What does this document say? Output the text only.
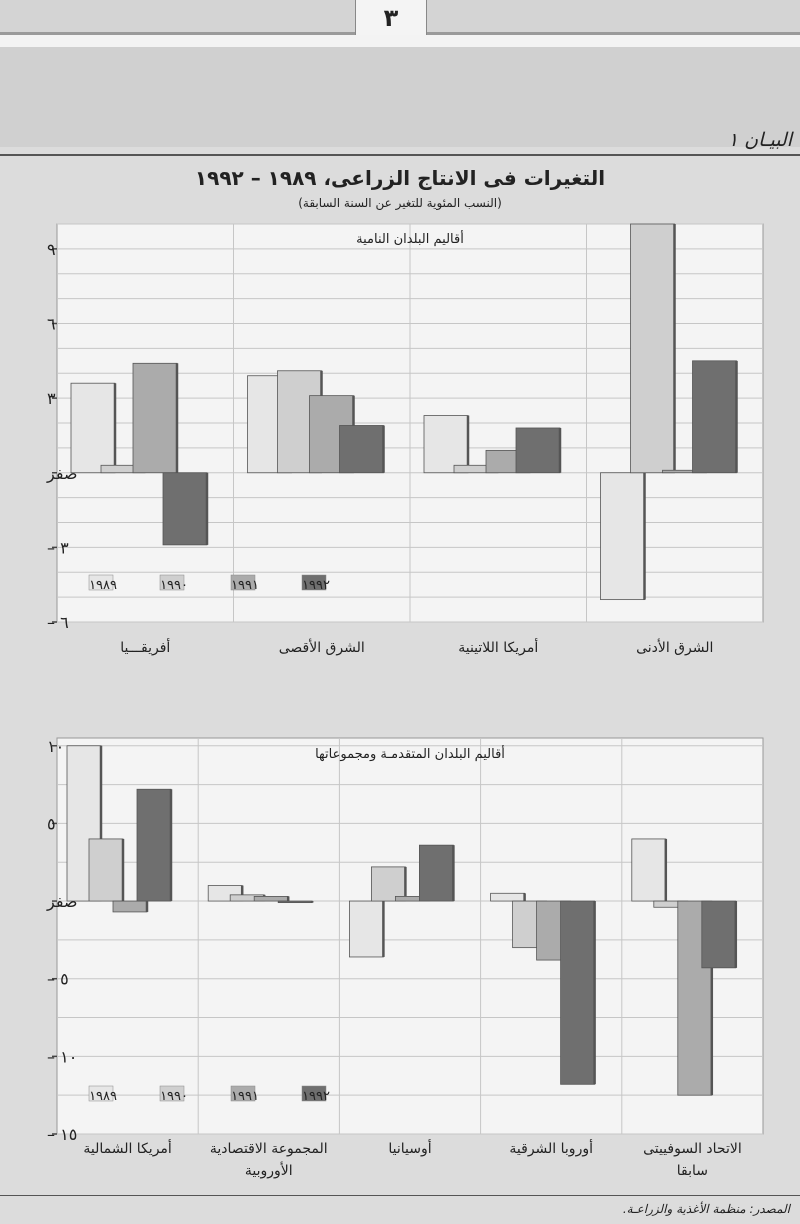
٣
البيـان ١
التغيرات فى الانتاج الزراعى، ١٩٨٩ – ١٩٩٢
(النسب المئوية للتغير عن السنة السابقة)
٩
٦
٣
صفر
٣ –
٦ –
أقاليم البلدان النامية
أفريقـــيا	الشرق الأقصى	أمريكا اللاتينية	الشرق الأدنى
١٩٨٩	١٩٩٠	١٩٩١	١٩٩٢
١٠
٥
صفر
٥ –
١٠ –
١٥ –
أقاليم البلدان المتقدمـة ومجموعاتها
أمريكا الشمالية	المجموعة الاقتصادية
الأوروبية
أوسيانيا	أوروبا الشرقية	الاتحاد السوفييتى
سابقا
١٩٨٩	١٩٩٠	١٩٩١	١٩٩٢
المصدر: منظمة الأغذية والزراعـة.
